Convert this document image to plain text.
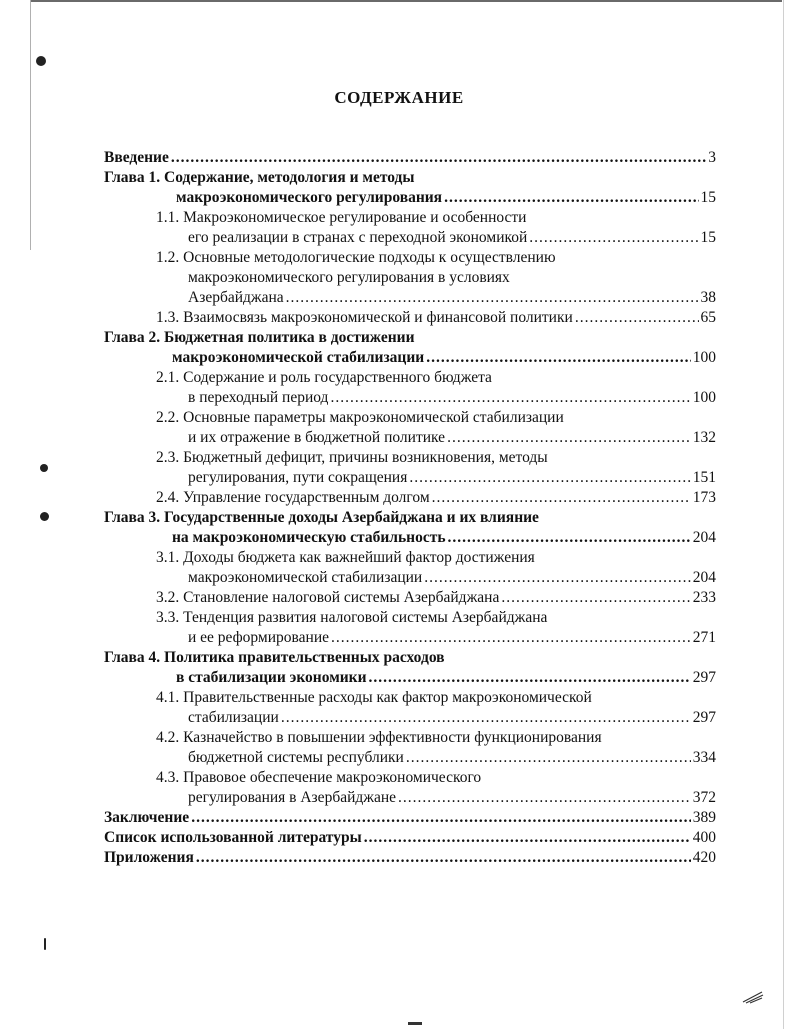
СОДЕРЖАНИЕ
Введение .....	3
Глава 1. Содержание, методология и методы
макроэкономического регулирования .....	15
1.1. Макроэкономическое регулирование и особенности
его реализации в странах с переходной экономикой .....	15
1.2. Основные методологические подходы к осуществлению
макроэкономического регулирования в условиях
Азербайджана .....	38
1.3. Взаимосвязь макроэкономической и финансовой политики .....	65
Глава 2. Бюджетная политика в достижении
макроэкономической стабилизации .....	100
2.1. Содержание и роль государственного бюджета
в переходный период .....	100
2.2. Основные параметры макроэкономической стабилизации
и их отражение в бюджетной политике .....	132
2.3. Бюджетный дефицит, причины возникновения, методы
регулирования, пути сокращения .....	151
2.4. Управление государственным долгом .....	173
Глава 3. Государственные доходы Азербайджана и их влияние
на макроэкономическую стабильность .....	204
3.1. Доходы бюджета как важнейший фактор достижения
макроэкономической стабилизации .....	204
3.2. Становление налоговой системы Азербайджана .....	233
3.3. Тенденция развития налоговой системы Азербайджана
и ее реформирование .....	271
Глава 4. Политика правительственных расходов
в стабилизации экономики .....	297
4.1. Правительственные расходы как фактор макроэкономической
стабилизации .....	297
4.2. Казначейство в повышении эффективности функционирования
бюджетной системы республики .....	334
4.3. Правовое обеспечение макроэкономического
регулирования в Азербайджане .....	372
Заключение .....	389
Список использованной литературы .....	400
Приложения .....	420
